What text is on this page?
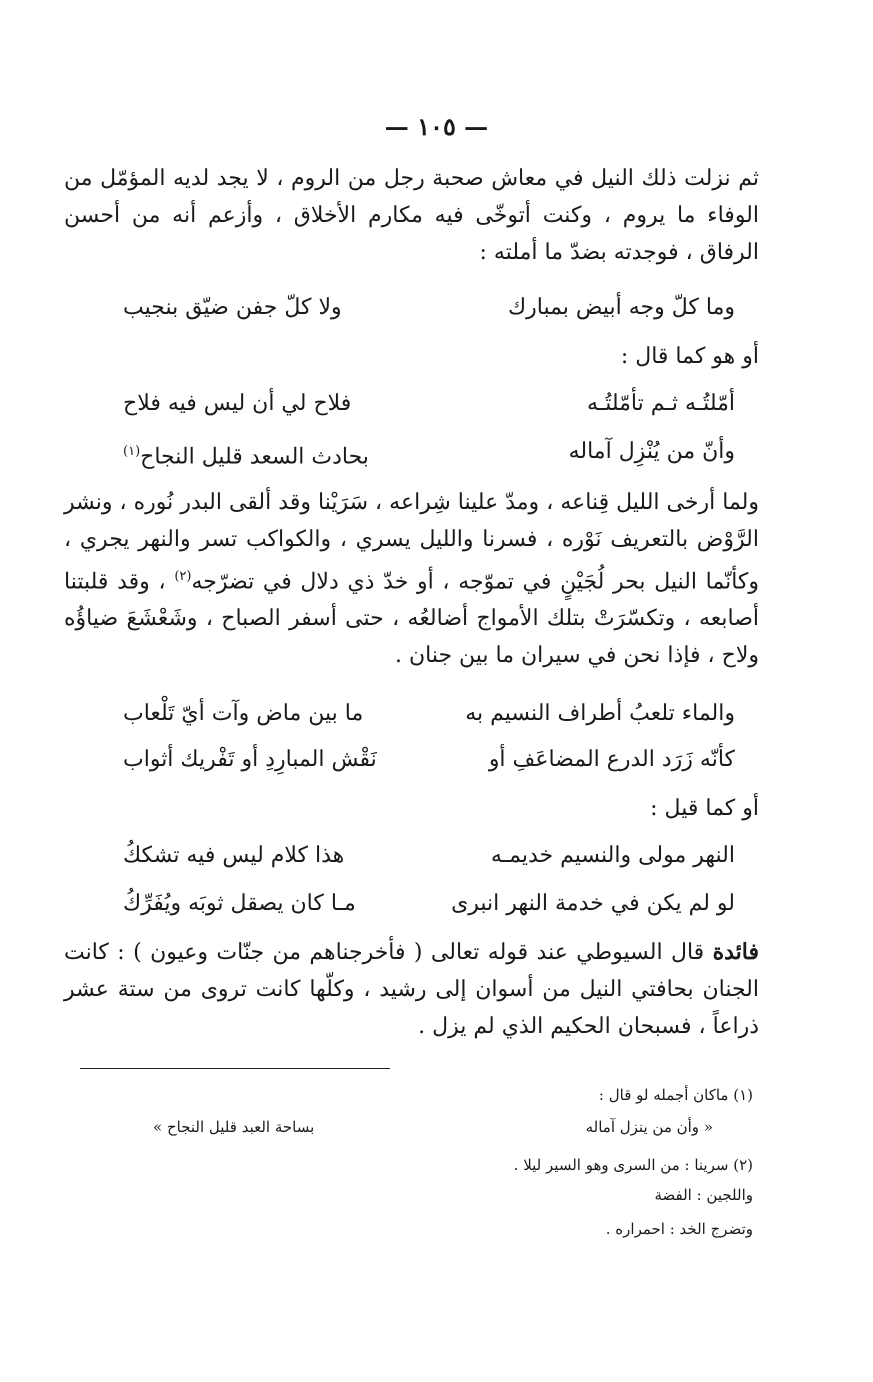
— ١٠٥ —

ثم نزلت ذلك النيل في معاش صحبة رجل من الروم ، لا يجد لديه المؤمّل من الوفاء ما يروم ، وكنت أتوخّى فيه مكارم الأخلاق ، وأزعم أنه من أحسن الرفاق ، فوجدته بضدّ ما أملته :

وما كلّ وجه أبيض بمبارك
ولا كلّ جفن ضيّق بنجيب
أو هو كما قال :
أمّلتُـه ثـم تأمّلتُـه
فلاح لي أن ليس فيه فلاح
وأنّ من يُنْزِل آماله
بحادث السعد قليل النجاح$^{(١)}$

ولما أرخى الليل قِناعه ، ومدّ علينا شِراعه ، سَرَيْنا وقد ألقى البدر نُوره ، ونشر الرَّوْض بالتعريف نَوْره ، فسرنا والليل يسري ، والكواكب تسر والنهر يجري ، وكأنّما النيل بحر لُجَيْنٍ في تموّجه ، أو خدّ ذي دلال في تضرّجه$^{(٢)}$ ، وقد قلبتنا أصابعه ، وتكسّرَتْ بتلك الأمواج أضالعُه ، حتى أسفر الصباح ، وشَعْشَعَ ضياؤُه ولاح ، فإذا نحن في سيران ما بين جنان .

والماء تلعبُ أطراف النسيم به
ما بين ماض وآت أيّ تَلْعاب
كأنّه زَرَد الدرع المضاعَفِ أو
نَقْش المبارِدِ أو تَفْريك أثواب
أو كما قيل :
النهر مولى والنسيم خديمـه
هذا كلام ليس فيه تشككُ
لو لم يكن في خدمة النهر انبرى
مـا كان يصقل ثوبَه ويُفَرِّكُ

فائدة قال السيوطي عند قوله تعالى ( فأخرجناهم من جنّات وعيون ) : كانت الجنان بحافتي النيل من أسوان إلى رشيد ، وكلّها كانت تروى من ستة عشر ذراعاً ، فسبحان الحكيم الذي لم يزل .

(١) ماكان أجمله لو قال :
« وأن من ينزل آماله
بساحة العبد قليل النجاح »
(٢) سرينا : من السرى وهو السير ليلا .
واللجين : الفضة
وتضرج الخد : احمراره .
